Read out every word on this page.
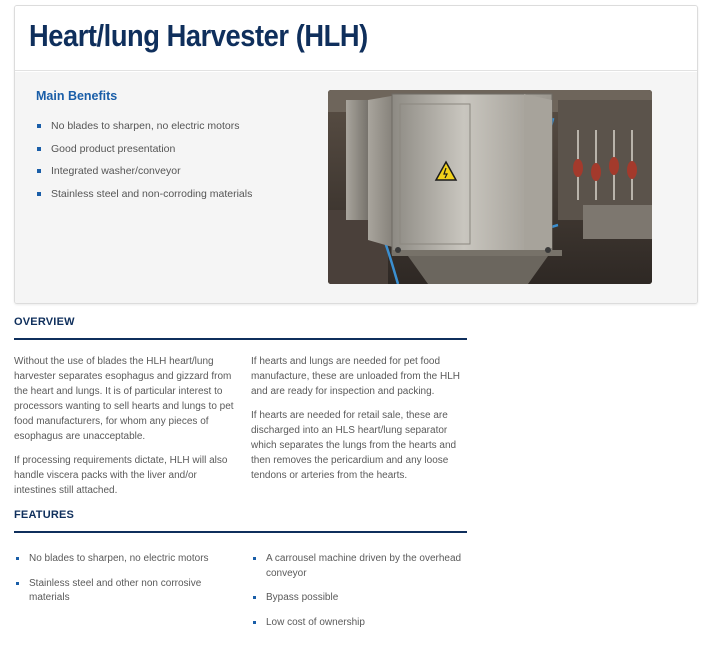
Heart/lung Harvester (HLH)
Main Benefits
No blades to sharpen, no electric motors
Good product presentation
Integrated washer/conveyor
Stainless steel and non-corroding materials
OVERVIEW

Without the use of blades the HLH heart/lung harvester separates esophagus and gizzard from the heart and lungs. It is of particular interest to processors wanting to sell hearts and lungs to pet food manufacturers, for whom any pieces of esophagus are unacceptable.

If processing requirements dictate, HLH will also handle viscera packs with the liver and/or intestines still attached.

If hearts and lungs are needed for pet food manufacture, these are unloaded from the HLH and are ready for inspection and packing.

If hearts are needed for retail sale, these are discharged into an HLS heart/lung separator which separates the lungs from the hearts and then removes the pericardium and any loose tendons or arteries from the hearts.

FEATURES
No blades to sharpen, no electric motors
Stainless steel and other non corrosive materials
A carrousel machine driven by the overhead conveyor
Bypass possible
Low cost of ownership
